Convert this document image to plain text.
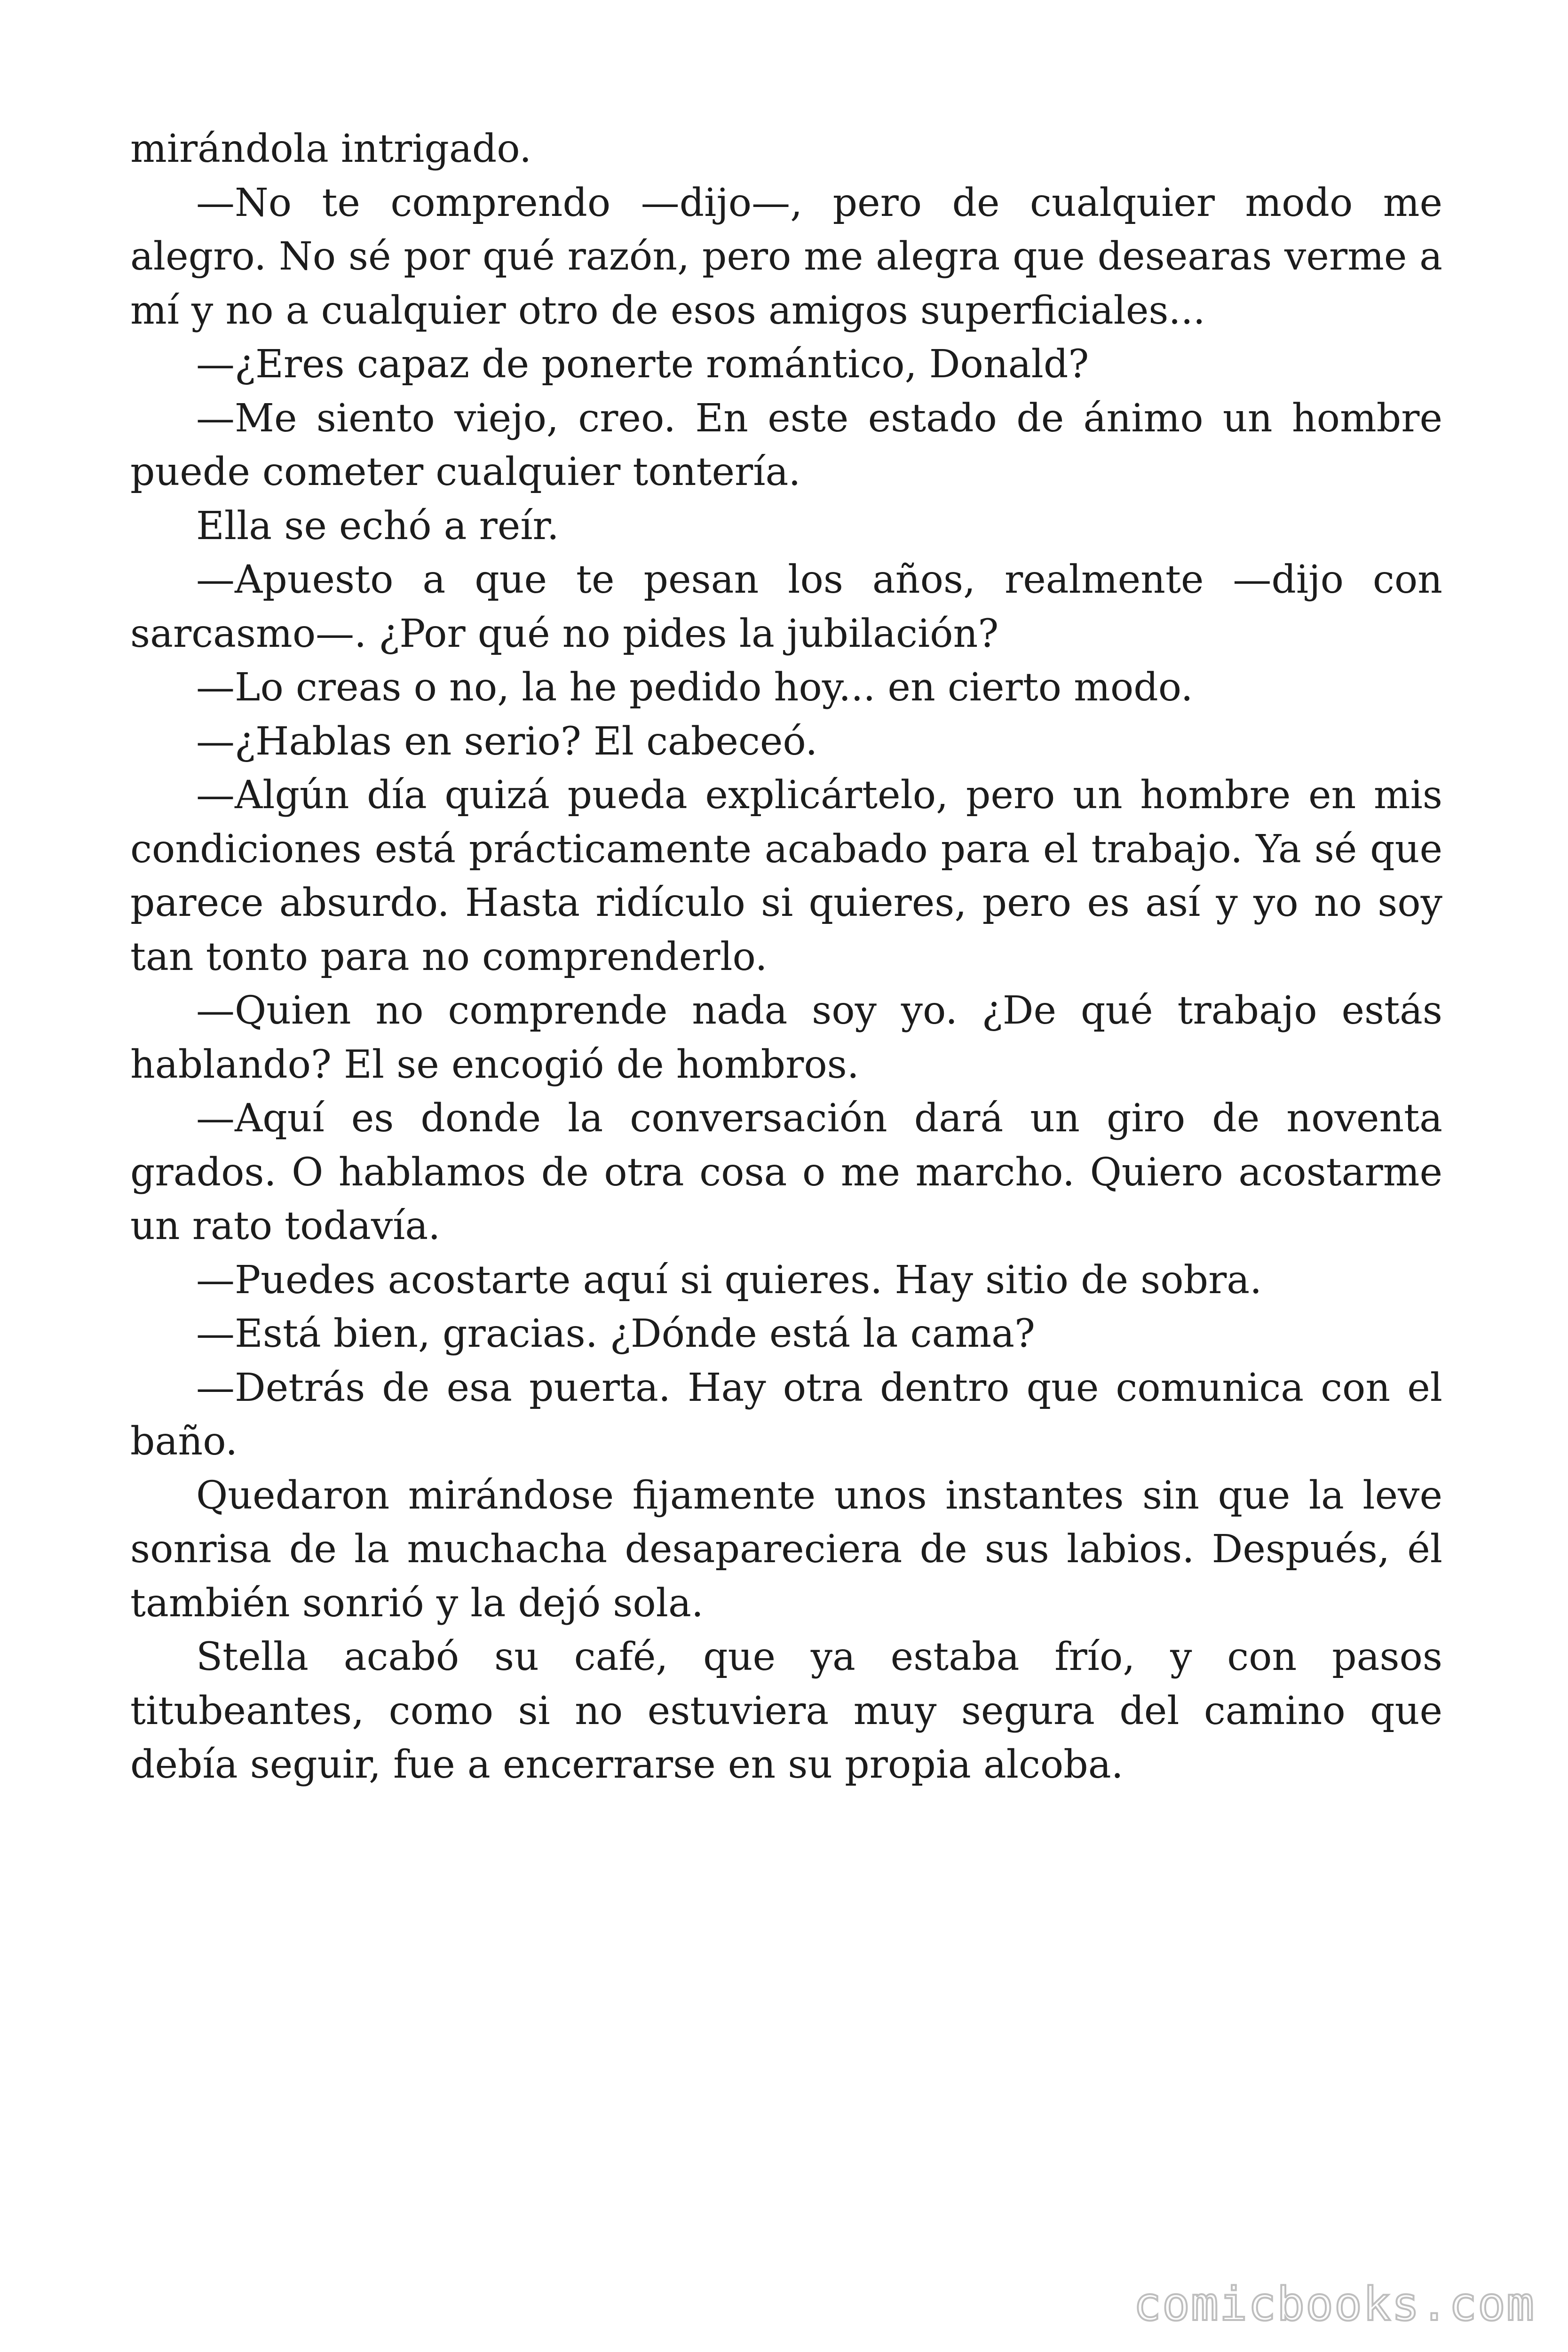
mirándola intrigado.

—No te comprendo —dijo—, pero de cualquier modo me alegro. No sé por qué razón, pero me alegra que desearas verme a mí y no a cualquier otro de esos amigos superficiales...

—¿Eres capaz de ponerte romántico, Donald?

—Me siento viejo, creo. En este estado de ánimo un hombre puede cometer cualquier tontería.

Ella se echó a reír.

—Apuesto a que te pesan los años, realmente —dijo con sarcasmo—. ¿Por qué no pides la jubilación?

—Lo creas o no, la he pedido hoy... en cierto modo.

—¿Hablas en serio? El cabeceó.

—Algún día quizá pueda explicártelo, pero un hombre en mis condiciones está prácticamente acabado para el trabajo. Ya sé que parece absurdo. Hasta ridículo si quieres, pero es así y yo no soy tan tonto para no comprenderlo.

—Quien no comprende nada soy yo. ¿De qué trabajo estás hablando? El se encogió de hombros.

—Aquí es donde la conversación dará un giro de noventa grados. O hablamos de otra cosa o me marcho. Quiero acostarme un rato todavía.

—Puedes acostarte aquí si quieres. Hay sitio de sobra.

—Está bien, gracias. ¿Dónde está la cama?

—Detrás de esa puerta. Hay otra dentro que comunica con el baño.

Quedaron mirándose fijamente unos instantes sin que la leve sonrisa de la muchacha desapareciera de sus labios. Después, él también sonrió y la dejó sola.

Stella acabó su café, que ya estaba frío, y con pasos titubeantes, como si no estuviera muy segura del camino que debía seguir, fue a encerrarse en su propia alcoba.

comicbooks.com
